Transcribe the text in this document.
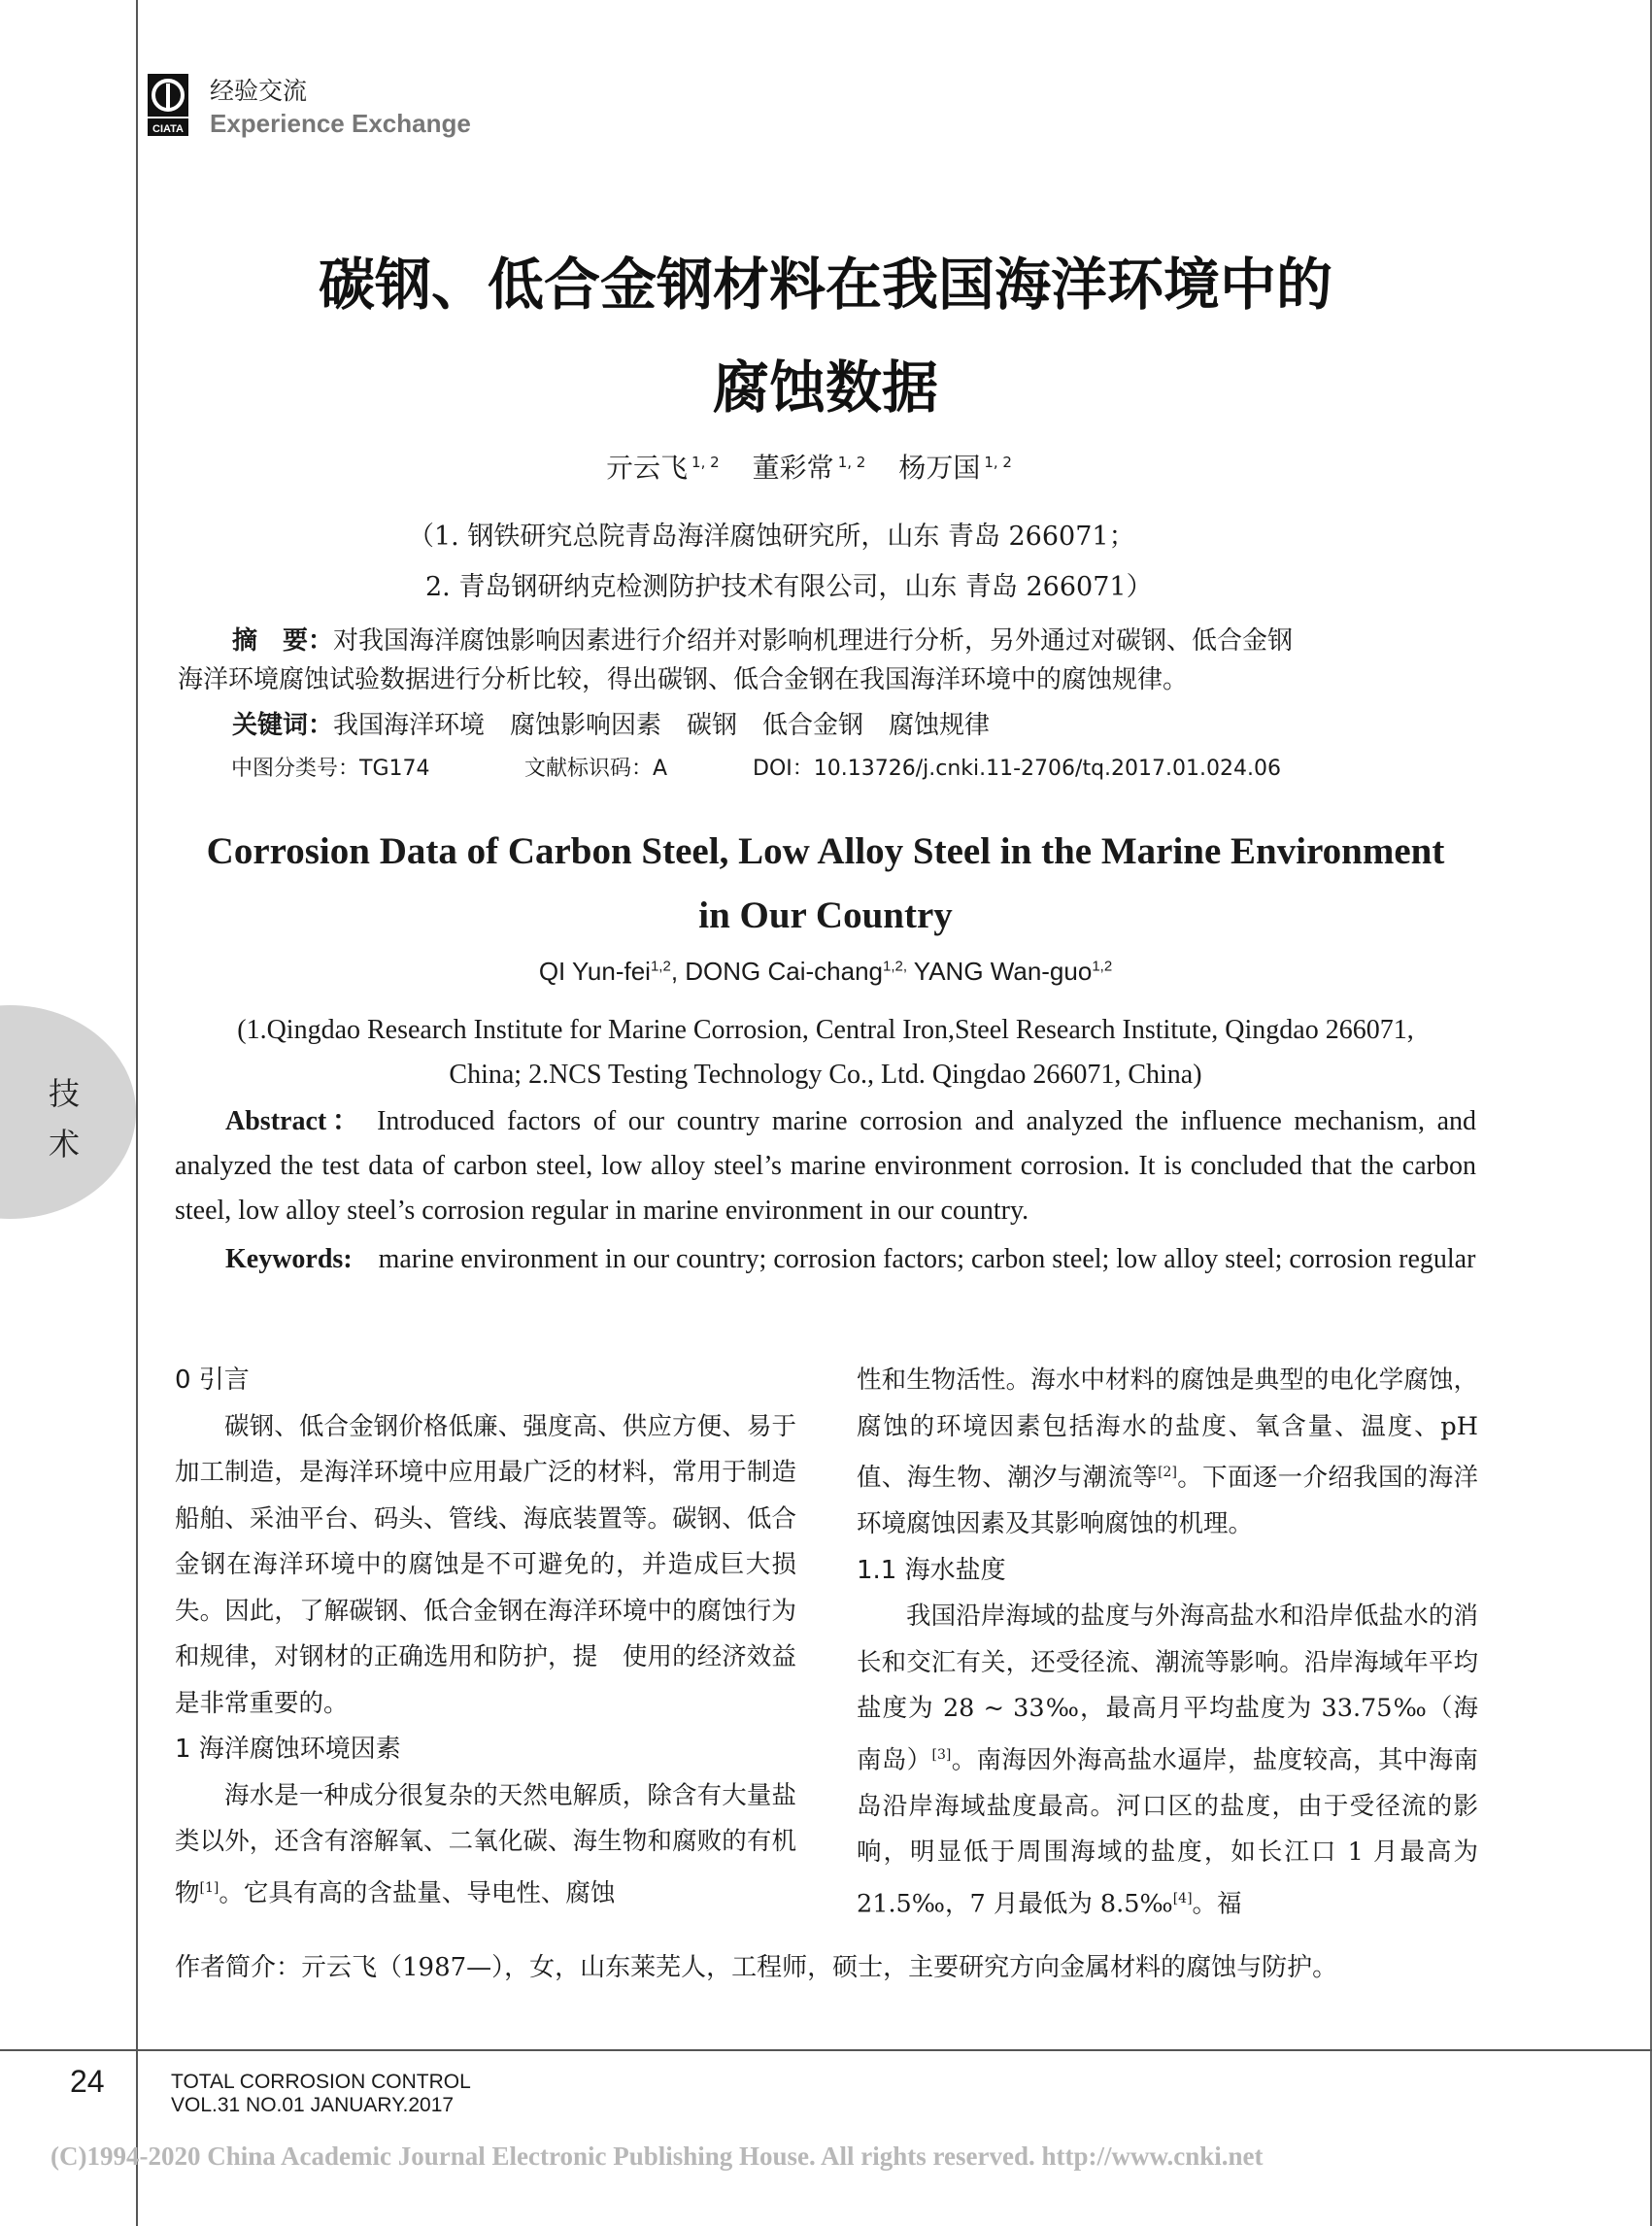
技
术
CIATA
经验交流
Experience Exchange
碳钢、低合金钢材料在我国海洋环境中的
腐蚀数据
亓云飞 $^{1, 2}$ 董彩常 $^{1, 2}$ 杨万国 $^{1, 2}$
（1. 钢铁研究总院青岛海洋腐蚀研究所，山东 青岛 266071；
2. 青岛钢研纳克检测防护技术有限公司，山东 青岛 266071）
摘　要：对我国海洋腐蚀影响因素进行介绍并对影响机理进行分析，另外通过对碳钢、低合金钢
海洋环境腐蚀试验数据进行分析比较，得出碳钢、低合金钢在我国海洋环境中的腐蚀规律。
关键词：我国海洋环境　腐蚀影响因素　碳钢　低合金钢　腐蚀规律
中图分类号：TG174	文献标识码：A	DOI：10.13726/j.cnki.11-2706/tq.2017.01.024.06
Corrosion Data of Carbon Steel, Low Alloy Steel in the Marine Environment
in Our Country
QI Yun-fei$^{1,2}$, DONG Cai-chang$^{1,2,}$ YANG Wan-guo$^{1,2}$
(1.Qingdao Research Institute for Marine Corrosion, Central Iron,Steel Research Institute, Qingdao 266071,
China; 2.NCS Testing Technology Co., Ltd. Qingdao 266071, China)
Abstract： Introduced factors of our country marine corrosion and analyzed the influence mechanism, and analyzed the test data of carbon steel, low alloy steel’s marine environment corrosion. It is concluded that the carbon steel, low alloy steel’s corrosion regular in marine environment in our country.
Keywords: marine environment in our country; corrosion factors; carbon steel; low alloy steel; corrosion regular
0 引言

碳钢、低合金钢价格低廉、强度高、供应方便、易于加工制造，是海洋环境中应用最广泛的材料，常用于制造船舶、采油平台、码头、管线、海底装置等。碳钢、低合金钢在海洋环境中的腐蚀是不可避免的，并造成巨大损失。因此，了解碳钢、低合金钢在海洋环境中的腐蚀行为和规律，对钢材的正确选用和防护，提　使用的经济效益是非常重要的。

1 海洋腐蚀环境因素

海水是一种成分很复杂的天然电解质，除含有大量盐类以外，还含有溶解氧、二氧化碳、海生物和腐败的有机物[1]。它具有高的含盐量、导电性、腐蚀

性和生物活性。海水中材料的腐蚀是典型的电化学腐蚀，腐蚀的环境因素包括海水的盐度、氧含量、温度、pH 值、海生物、潮汐与潮流等[2]。下面逐一介绍我国的海洋环境腐蚀因素及其影响腐蚀的机理。

1.1 海水盐度

我国沿岸海域的盐度与外海高盐水和沿岸低盐水的消长和交汇有关，还受径流、潮流等影响。沿岸海域年平均盐度为 28 ~ 33‰，最高月平均盐度为 33.75‰（海南岛）[3]。南海因外海高盐水逼岸，盐度较高，其中海南岛沿岸海域盐度最高。河口区的盐度，由于受径流的影响，明显低于周围海域的盐度，如长江口 1 月最高为 21.5‰，7 月最低为 8.5‰[4]。福

作者简介：亓云飞（1987—），女，山东莱芜人，工程师，硕士，主要研究方向金属材料的腐蚀与防护。
24	TOTAL CORROSION CONTROL
VOL.31 NO.01 JANUARY.2017
(C)1994-2020 China Academic Journal Electronic Publishing House. All rights reserved. http://www.cnki.net
